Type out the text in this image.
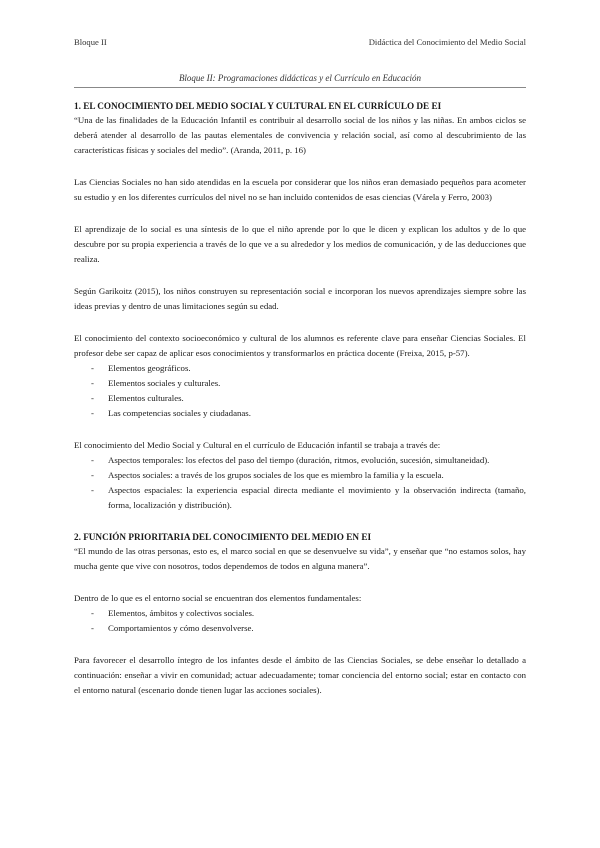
Bloque II	Didáctica del Conocimiento del Medio Social
Bloque II: Programaciones didácticas y el Currículo en Educación
1. EL CONOCIMIENTO DEL MEDIO SOCIAL Y CULTURAL EN EL CURRÍCULO DE EI

“Una de las finalidades de la Educación Infantil es contribuir al desarrollo social de los niños y las niñas. En ambos ciclos se deberá atender al desarrollo de las pautas elementales de convivencia y relación social, así como al descubrimiento de las características físicas y sociales del medio”. (Aranda, 2011, p. 16)

Las Ciencias Sociales no han sido atendidas en la escuela por considerar que los niños eran demasiado pequeños para acometer su estudio y en los diferentes currículos del nivel no se han incluido contenidos de esas ciencias (Várela y Ferro, 2003)

El aprendizaje de lo social es una síntesis de lo que el niño aprende por lo que le dicen y explican los adultos y de lo que descubre por su propia experiencia a través de lo que ve a su alrededor y los medios de comunicación, y de las deducciones que realiza.

Según Garikoitz (2015), los niños construyen su representación social e incorporan los nuevos aprendizajes siempre sobre las ideas previas y dentro de unas limitaciones según su edad.

El conocimiento del contexto socioeconómico y cultural de los alumnos es referente clave para enseñar Ciencias Sociales. El profesor debe ser capaz de aplicar esos conocimientos y transformarlos en práctica docente (Freixa, 2015, p-57).

- Elementos geográficos.
- Elementos sociales y culturales.
- Elementos culturales.
- Las competencias sociales y ciudadanas.

El conocimiento del Medio Social y Cultural en el currículo de Educación infantil se trabaja a través de:

- Aspectos temporales: los efectos del paso del tiempo (duración, ritmos, evolución, sucesión, simultaneidad).
- Aspectos sociales: a través de los grupos sociales de los que es miembro la familia y la escuela.
- Aspectos espaciales: la experiencia espacial directa mediante el movimiento y la observación indirecta (tamaño, forma, localización y distribución).
2. FUNCIÓN PRIORITARIA DEL CONOCIMIENTO DEL MEDIO EN EI

“El mundo de las otras personas, esto es, el marco social en que se desenvuelve su vida”, y enseñar que “no estamos solos, hay mucha gente que vive con nosotros, todos dependemos de todos en alguna manera”.

Dentro de lo que es el entorno social se encuentran dos elementos fundamentales:

- Elementos, ámbitos y colectivos sociales.
- Comportamientos y cómo desenvolverse.

Para favorecer el desarrollo íntegro de los infantes desde el ámbito de las Ciencias Sociales, se debe enseñar lo detallado a continuación: enseñar a vivir en comunidad; actuar adecuadamente; tomar conciencia del entorno social; estar en contacto con el entorno natural (escenario donde tienen lugar las acciones sociales).
